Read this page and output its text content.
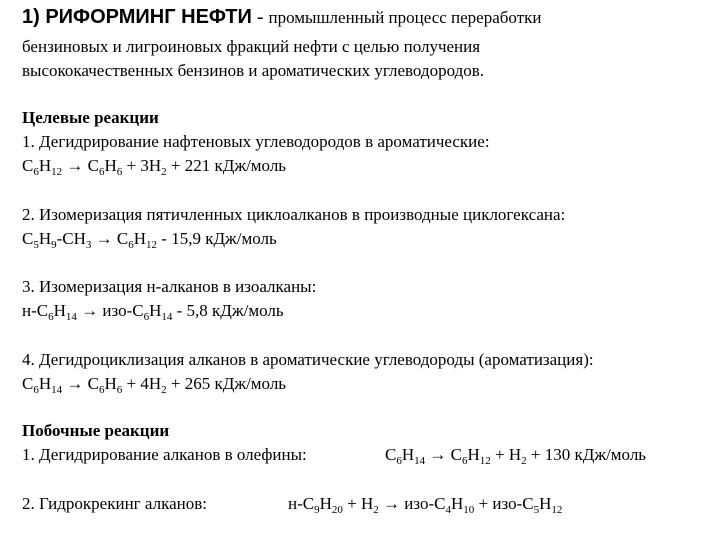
1) РИФОРМИНГ НЕФТИ - промышленный процесс переработки
бензиновых и лигроиновых фракций нефти с целью получения
высококачественных бензинов и ароматических углеводородов.
Целевые реакции
1. Дегидрирование нафтеновых углеводородов в ароматические:
$C_6H_{12} \to C_6H_6 + 3H_2 + 221$ кДж/моль
2. Изомеризация пятичленных циклоалканов в производные циклогексана:
$C_5H_9-CH_3 \to C_6H_{12} - 15,9$ кДж/моль
3. Изомеризация н-алканов в изоалканы:
$н-C_6H_{14} \to изо-C_6H_{14} - 5,8$ кДж/моль
4. Дегидроциклизация алканов в ароматические углеводороды (ароматизация):
$C_6H_{14} \to C_6H_6 + 4H_2 + 265$ кДж/моль
Побочные реакции
1. Дегидрирование алканов в олефины:	$C_6H_{14} \to C_6H_{12} + H_2 + 130$ кДж/моль
2. Гидрокрекинг алканов:	$н-C_9H_{20} + H_2 \to изо-C_4H_{10} + изо-C_5H_{12}$
